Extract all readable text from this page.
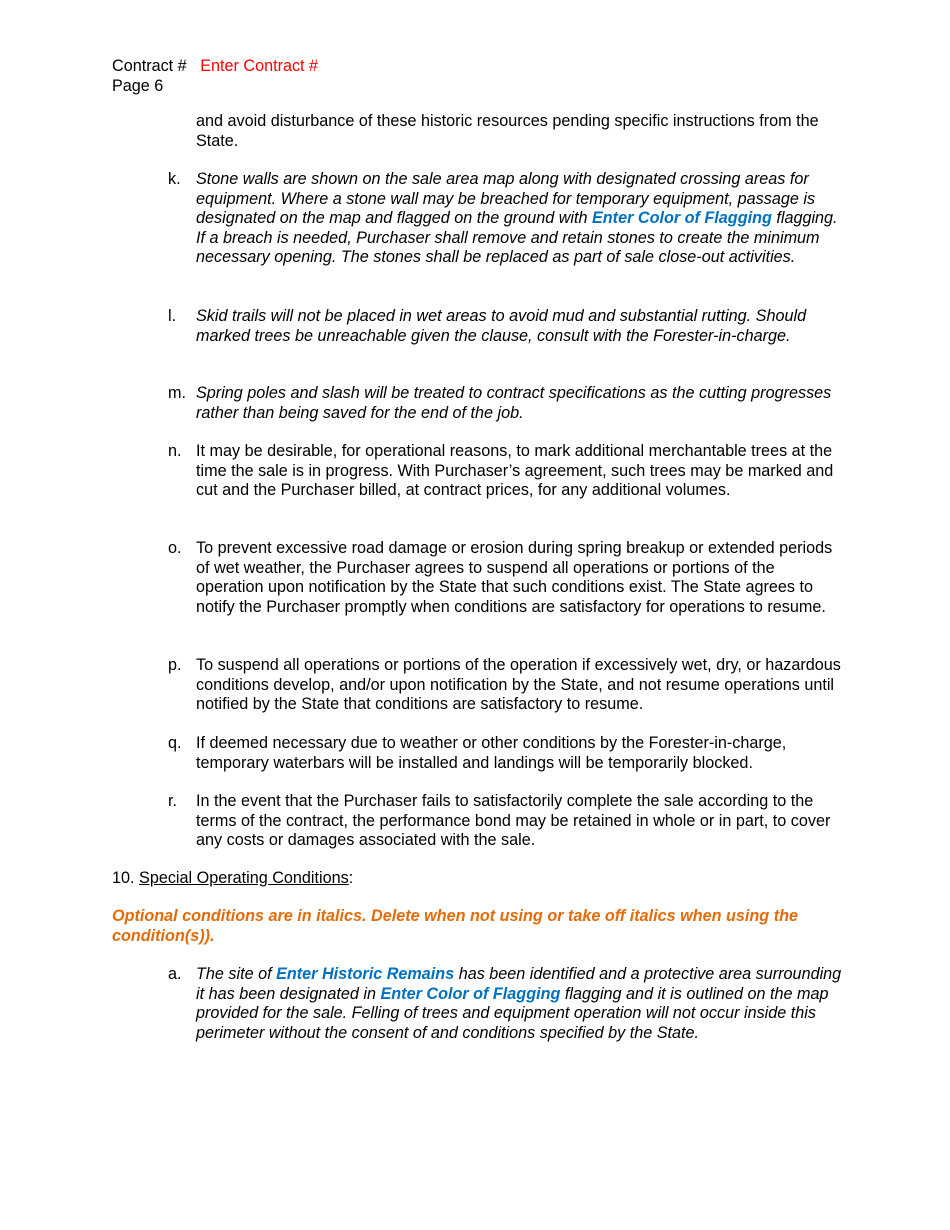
Contract # Enter Contract #
Page 6
and avoid disturbance of these historic resources pending specific instructions from the State.
k. Stone walls are shown on the sale area map along with designated crossing areas for equipment. Where a stone wall may be breached for temporary equipment, passage is designated on the map and flagged on the ground with Enter Color of Flagging flagging. If a breach is needed, Purchaser shall remove and retain stones to create the minimum necessary opening. The stones shall be replaced as part of sale close-out activities.
l.	Skid trails will not be placed in wet areas to avoid mud and substantial rutting. Should marked trees be unreachable given the clause, consult with the Forester-in-charge.
m. Spring poles and slash will be treated to contract specifications as the cutting progresses rather than being saved for the end of the job.
n. It may be desirable, for operational reasons, to mark additional merchantable trees at the time the sale is in progress. With Purchaser’s agreement, such trees may be marked and cut and the Purchaser billed, at contract prices, for any additional volumes.
o. To prevent excessive road damage or erosion during spring breakup or extended periods of wet weather, the Purchaser agrees to suspend all operations or portions of the operation upon notification by the State that such conditions exist. The State agrees to notify the Purchaser promptly when conditions are satisfactory for operations to resume.
p. To suspend all operations or portions of the operation if excessively wet, dry, or hazardous conditions develop, and/or upon notification by the State, and not resume operations until notified by the State that conditions are satisfactory to resume.
q. If deemed necessary due to weather or other conditions by the Forester-in-charge, temporary waterbars will be installed and landings will be temporarily blocked.
r.	In the event that the Purchaser fails to satisfactorily complete the sale according to the terms of the contract, the performance bond may be retained in whole or in part, to cover any costs or damages associated with the sale.
10. Special Operating Conditions:
Optional conditions are in italics. Delete when not using or take off italics when using the condition(s)).
a. The site of Enter Historic Remains has been identified and a protective area surrounding it has been designated in Enter Color of Flagging flagging and it is outlined on the map provided for the sale. Felling of trees and equipment operation will not occur inside this perimeter without the consent of and conditions specified by the State.
